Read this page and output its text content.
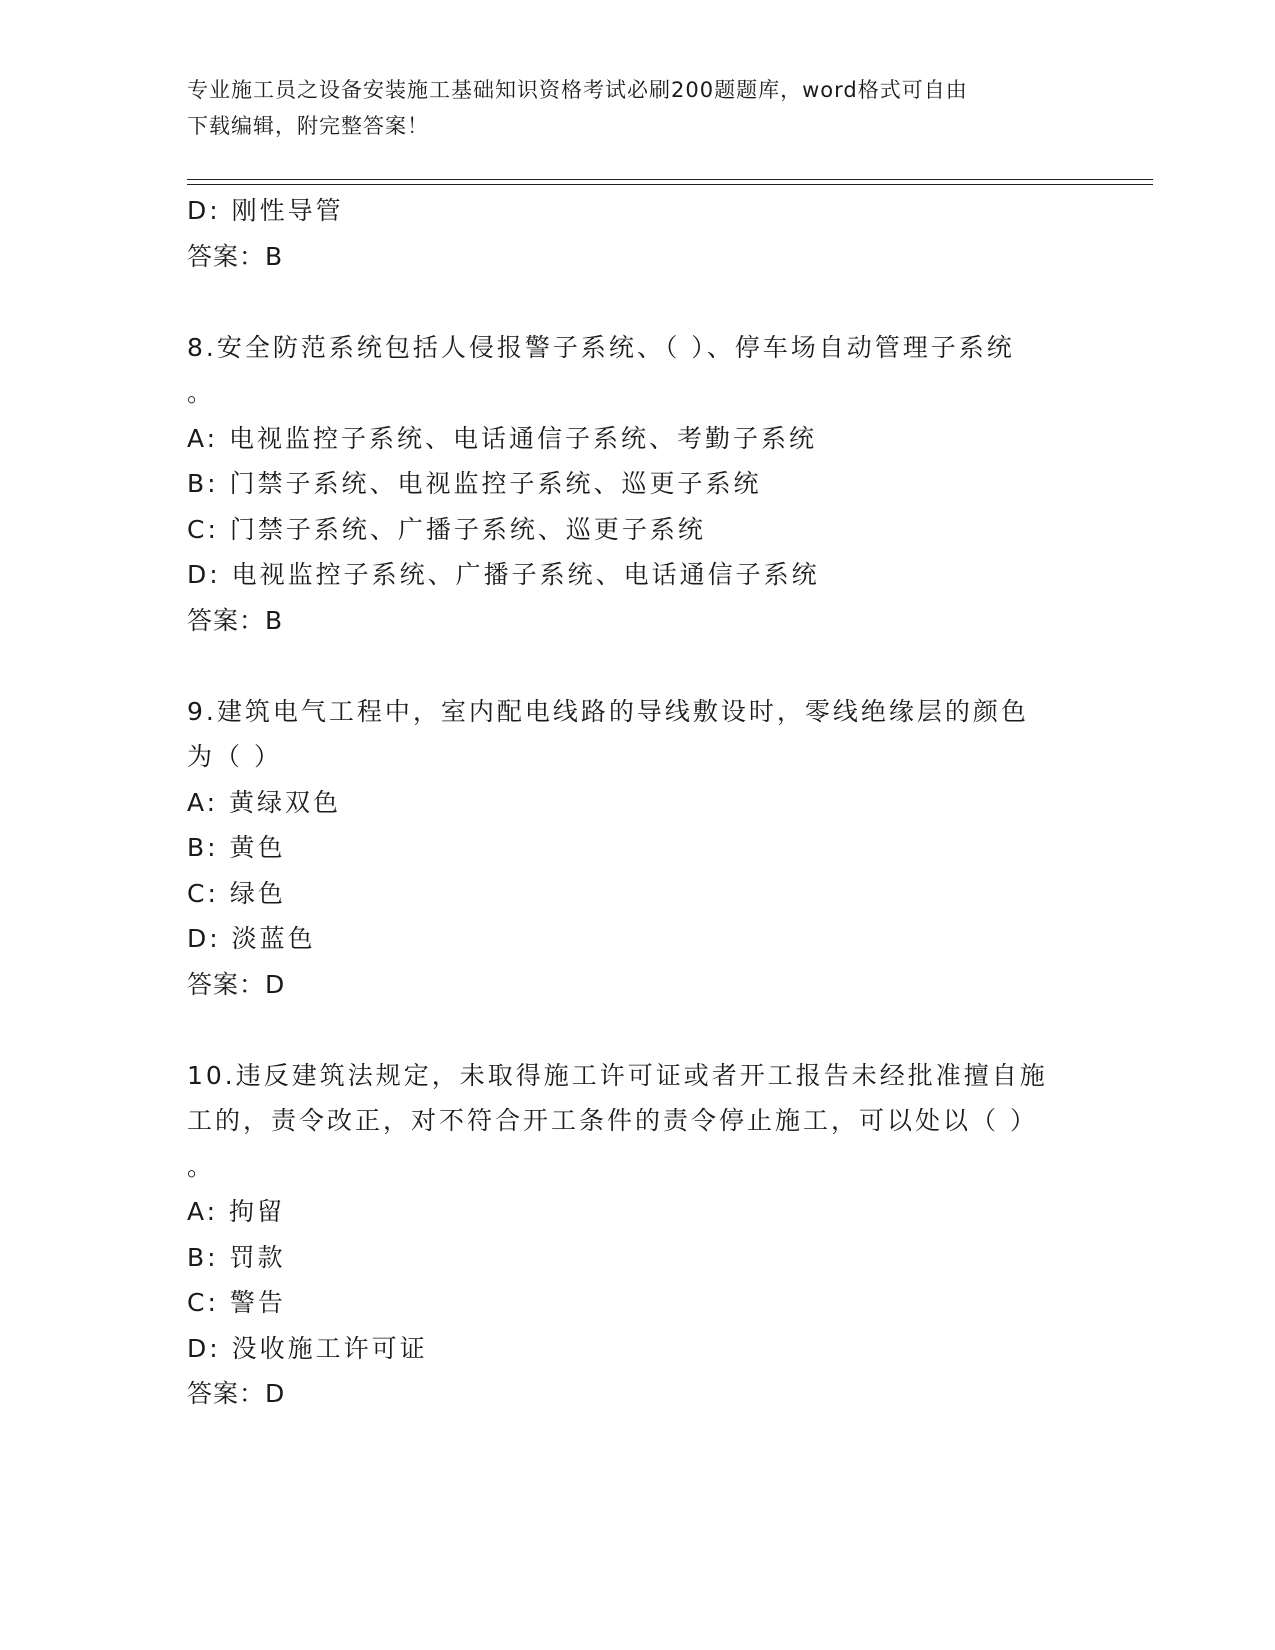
专业施工员之设备安装施工基础知识资格考试必刷200题题库，word格式可自由
下载编辑，附完整答案！
D: 刚性导管
答案：B
8.安全防范系统包括人侵报警子系统、（ ）、停车场自动管理子系统
。
A: 电视监控子系统、电话通信子系统、考勤子系统
B: 门禁子系统、电视监控子系统、巡更子系统
C: 门禁子系统、广播子系统、巡更子系统
D: 电视监控子系统、广播子系统、电话通信子系统
答案：B
9.建筑电气工程中，室内配电线路的导线敷设时，零线绝缘层的颜色
为（ ）
A: 黄绿双色
B: 黄色
C: 绿色
D: 淡蓝色
答案：D
10.违反建筑法规定，未取得施工许可证或者开工报告未经批准擅自施
工的，责令改正，对不符合开工条件的责令停止施工，可以处以（ ）
。
A: 拘留
B: 罚款
C: 警告
D: 没收施工许可证
答案：D
